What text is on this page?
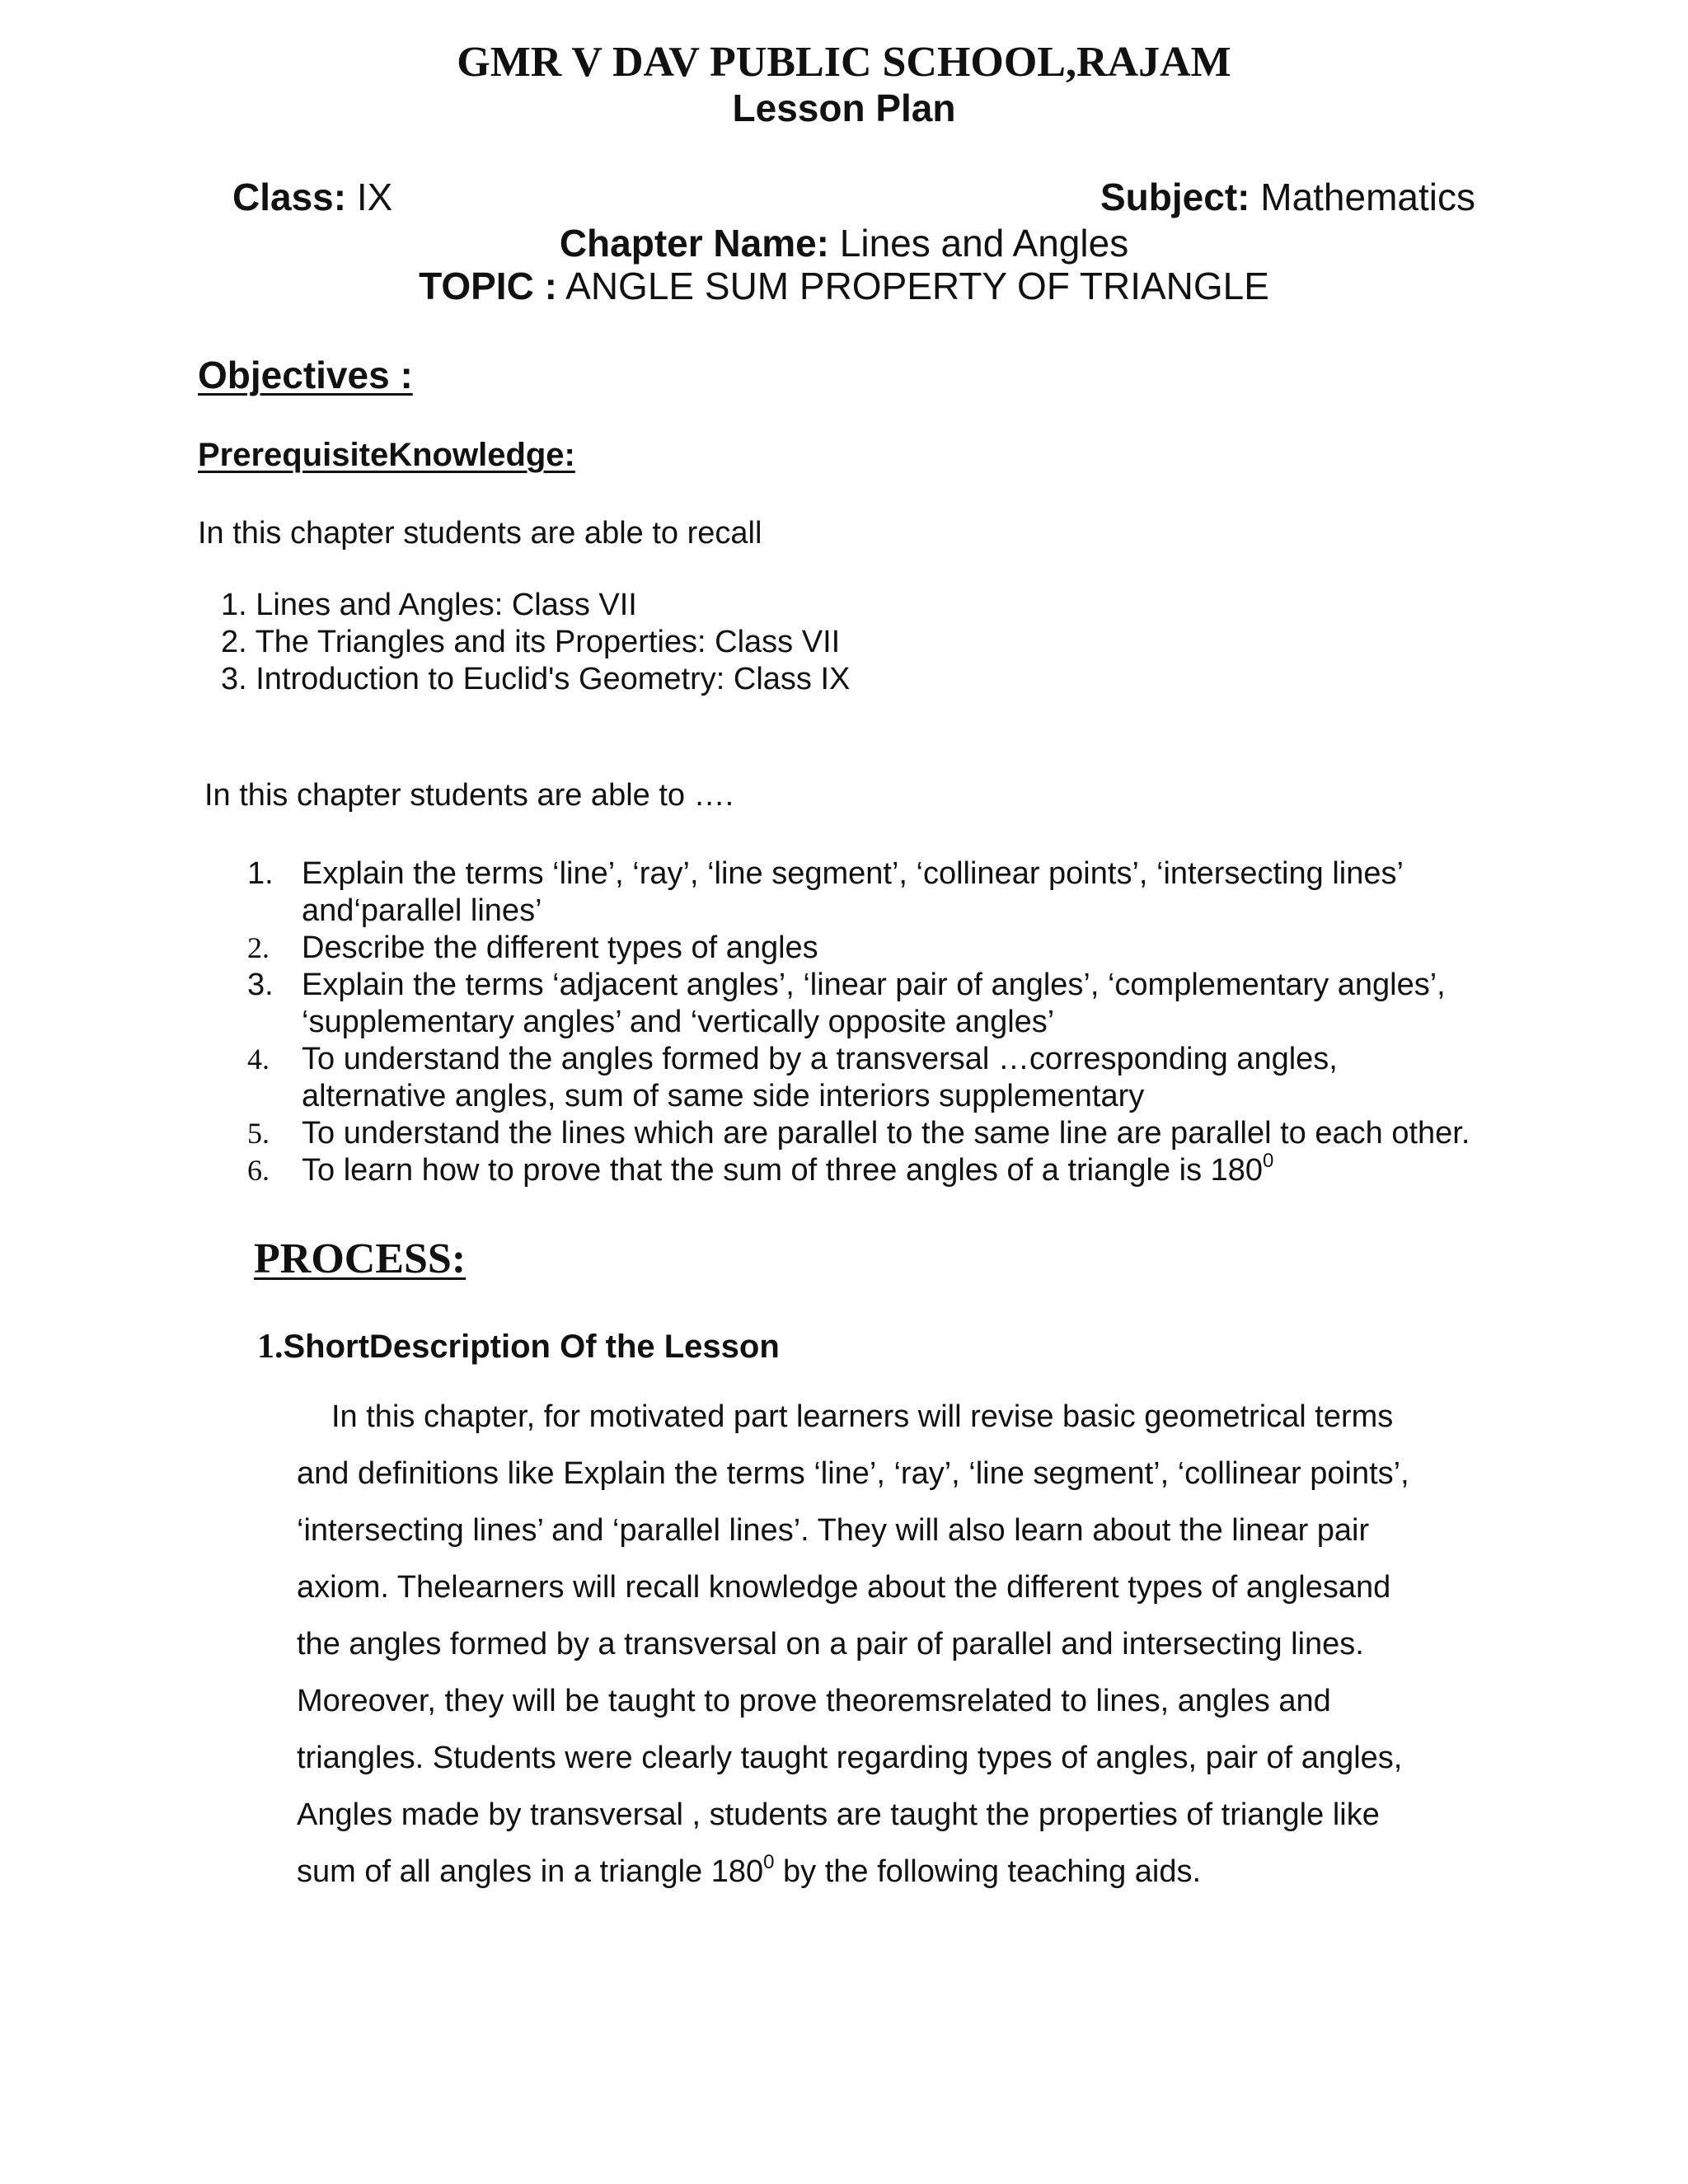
GMR V DAV PUBLIC SCHOOL,RAJAM
Lesson Plan
Class: IX	Subject: Mathematics
Chapter Name: Lines and Angles
TOPIC : ANGLE SUM PROPERTY OF TRIANGLE
Objectives :
PrerequisiteKnowledge:
In this chapter students are able to recall
1. Lines and Angles: Class VII
2. The Triangles and its Properties: Class VII
3. Introduction to Euclid's Geometry: Class IX
In this chapter students are able to ….
1. Explain the terms ‘line’, ‘ray’, ‘line segment’, ‘collinear points’, ‘intersecting lines’ and‘parallel lines’
2. Describe the different types of angles
3. Explain the terms ‘adjacent angles’, ‘linear pair of angles’, ‘complementary angles’, ‘supplementary angles’ and ‘vertically opposite angles’
4. To understand the angles formed by a transversal …corresponding angles, alternative angles, sum of same side interiors supplementary
5. To understand the lines which are parallel to the same line are parallel to each other.
6. To learn how to prove that the sum of three angles of a triangle is $180^0$
PROCESS:
1.ShortDescription Of the Lesson
In this chapter, for motivated part learners will revise basic geometrical terms
and definitions like Explain the terms ‘line’, ‘ray’, ‘line segment’, ‘collinear points’,
‘intersecting lines’ and ‘parallel lines’. They will also learn about the linear pair
axiom. Thelearners will recall knowledge about the different types of anglesand
the angles formed by a transversal on a pair of parallel and intersecting lines.
Moreover, they will be taught to prove theoremsrelated to lines, angles and
triangles. Students were clearly taught regarding types of angles, pair of angles,
Angles made by transversal , students are taught the properties of triangle like
sum of all angles in a triangle $180^0$ by the following teaching aids.
